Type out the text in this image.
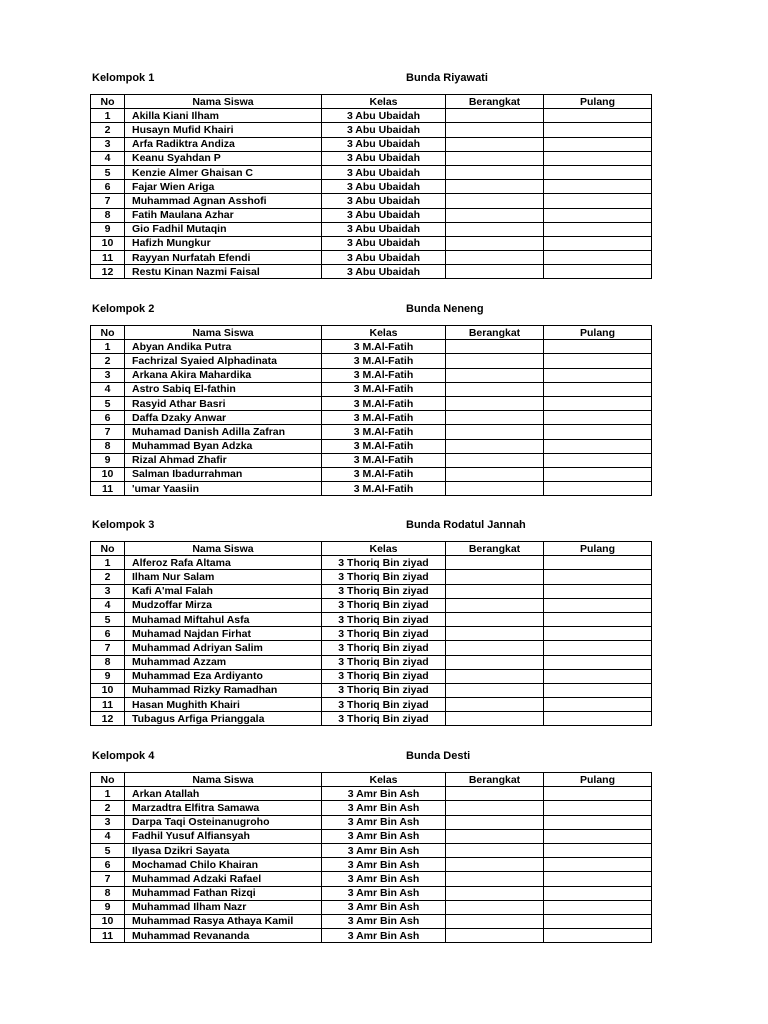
Kelompok 1	Bunda Riyawati
No	Nama Siswa	Kelas	Berangkat	Pulang
1	Akilla Kiani Ilham	3 Abu Ubaidah		
2	Husayn Mufid Khairi	3 Abu Ubaidah		
3	Arfa Radiktra Andiza	3 Abu Ubaidah		
4	Keanu Syahdan P	3 Abu Ubaidah		
5	Kenzie Almer Ghaisan C	3 Abu Ubaidah		
6	Fajar Wien Ariga	3 Abu Ubaidah		
7	Muhammad Agnan Asshofi	3 Abu Ubaidah		
8	Fatih Maulana Azhar	3 Abu Ubaidah		
9	Gio Fadhil Mutaqin	3 Abu Ubaidah		
10	Hafizh Mungkur	3 Abu Ubaidah		
11	Rayyan Nurfatah Efendi	3 Abu Ubaidah		
12	Restu Kinan Nazmi Faisal	3 Abu Ubaidah		
Kelompok 2	Bunda Neneng
No	Nama Siswa	Kelas	Berangkat	Pulang
1	Abyan Andika Putra	3 M.Al-Fatih		
2	Fachrizal Syaied Alphadinata	3 M.Al-Fatih		
3	Arkana Akira Mahardika	3 M.Al-Fatih		
4	Astro Sabiq El-fathin	3 M.Al-Fatih		
5	Rasyid Athar Basri	3 M.Al-Fatih		
6	Daffa Dzaky Anwar	3 M.Al-Fatih		
7	Muhamad Danish Adilla Zafran	3 M.Al-Fatih		
8	Muhammad Byan Adzka	3 M.Al-Fatih		
9	Rizal Ahmad Zhafir	3 M.Al-Fatih		
10	Salman Ibadurrahman	3 M.Al-Fatih		
11	'umar Yaasiin	3 M.Al-Fatih		
Kelompok 3	Bunda Rodatul Jannah
No	Nama Siswa	Kelas	Berangkat	Pulang
1	Alferoz Rafa Altama	3 Thoriq Bin ziyad		
2	Ilham Nur Salam	3 Thoriq Bin ziyad		
3	Kafi A'mal Falah	3 Thoriq Bin ziyad		
4	Mudzoffar Mirza	3 Thoriq Bin ziyad		
5	Muhamad Miftahul Asfa	3 Thoriq Bin ziyad		
6	Muhamad Najdan Firhat	3 Thoriq Bin ziyad		
7	Muhammad Adriyan Salim	3 Thoriq Bin ziyad		
8	Muhammad Azzam	3 Thoriq Bin ziyad		
9	Muhammad Eza Ardiyanto	3 Thoriq Bin ziyad		
10	Muhammad Rizky Ramadhan	3 Thoriq Bin ziyad		
11	Hasan Mughith Khairi	3 Thoriq Bin ziyad		
12	Tubagus Arfiga Prianggala	3 Thoriq Bin ziyad		
Kelompok 4	Bunda Desti
No	Nama Siswa	Kelas	Berangkat	Pulang
1	Arkan Atallah	3 Amr Bin Ash		
2	Marzadtra Elfitra Samawa	3 Amr Bin Ash		
3	Darpa Taqi Osteinanugroho	3 Amr Bin Ash		
4	Fadhil Yusuf Alfiansyah	3 Amr Bin Ash		
5	Ilyasa Dzikri Sayata	3 Amr Bin Ash		
6	Mochamad Chilo Khairan	3 Amr Bin Ash		
7	Muhammad Adzaki Rafael	3 Amr Bin Ash		
8	Muhammad Fathan Rizqi	3 Amr Bin Ash		
9	Muhammad Ilham Nazr	3 Amr Bin Ash		
10	Muhammad Rasya Athaya Kamil	3 Amr Bin Ash		
11	Muhammad Revananda	3 Amr Bin Ash		
